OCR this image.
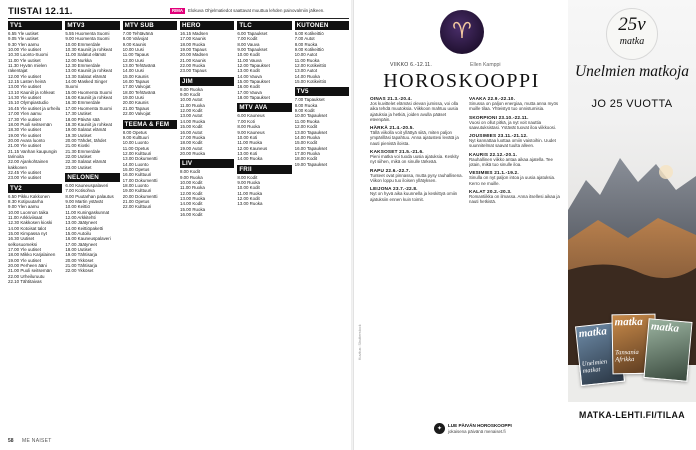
TIISTAI 12.11.	RIMA	Elokuva Ohjelmatiedot saattavat muuttua lehden painovalmiin jälkeen.
TV1
6.55 Yle uutiset
9.05 Yle uutiset
9.30 Ylen aamu
10.00 Yle uutiset
10.30 Luonto-Suomi
11.00 Yle uutiset
11.30 Hyvän mielen rakentajat
12.00 Yle uutiset
12.15 Lasten heinä
13.00 Yle uutiset
13.10 Kauniit ja rohkeat
14.30 Yle uutiset
15.10 Olympiastudio
16.45 Yle uutiset ja urheilu
17.00 Ylen aamu
17.30 Yle uutiset
18.00 Puoli seitsemän
18.30 Yle uutiset
19.00 Yle uutiset
20.00 Avara luonto
21.00 Yle uutiset
21.15 Vanhan kaupungin tarinoita
22.00 Ajankohtainen kakkonen
22.45 Yle uutiset
23.00 Yle uutiset
TV2
6.50 Pikku Kakkonen
8.30 Kotipuutarha
9.00 Ylen aamu
10.00 Luonnon taika
11.00 Arkkiviisaat
12.30 Kakkosen kioski
14.00 Kotoisat talot
15.00 Kimpassa nyt
16.30 Uutiset selkosuomeksi
17.00 Yle uutiset
18.00 Mikko Karjalainen
19.00 Yle uutiset
20.00 Perheen ääni
21.00 Puoli seitsemän
22.00 Urheiluruutu
22.10 Tähtitaivas
MTV3
5.55 Huomenta Suomi
9.00 Huomenta Suomi
10.00 Emmerdale
10.30 Kauniit ja rohkeat
11.00 Salatut elämät
12.00 Nurkka
12.30 Emmerdale
13.00 Kauniit ja rohkeat
13.30 Salatut elämät
14.00 Masked Singer Suomi
15.00 Huomenta Suomi
16.00 Kauniit ja rohkeat
16.30 Emmerdale
17.00 Huomenta Suomi
17.30 Uutiset
18.00 Päivän sää
18.30 Kauniit ja rohkeat
19.00 Salatut elämät
19.30 Uutiset
20.00 Tähdet, tähdet
21.00 Kioski
21.30 Emmerdale
22.00 Uutiset
22.30 Salatut elämät
23.00 Uutiset
NELONEN
6.00 Kauneuspalaveri
7.00 Kotisohva
8.00 Puutarhan palautus
9.00 Martin ystävät
10.00 Keittiö
11.00 Kuningaskunnat
12.00 Arkkitehti
13.00 Jäätyneet
14.00 Keittiöpaketti
15.00 Autoilu
16.00 Kauneuspalaveri
17.00 Jäätyneet
18.00 Uutiset
19.00 Tähtisarja
20.00 Ykköset
21.00 Tähtisarja
22.00 Ykköset
MTV SUB
7.00 Tehtävänä
8.00 Valvojat
9.00 Kaunis
10.00 Uusi
11.00 Tapaus
12.00 Uusi
13.00 Tehtävänä
14.00 Uusi
15.00 Kaunis
16.00 Tapaus
17.00 Valvojat
18.00 Tehtävänä
19.00 Uusi
20.00 Kaunis
21.00 Tapaus
22.00 Valvojat
TEEMA & FEM
8.00 Opetus
9.00 Kulttuuri
10.00 Luonto
11.00 Opetus
12.00 Kulttuuri
13.00 Dokumentti
14.00 Luonto
15.00 Opetus
16.00 Kulttuuri
17.00 Dokumentti
18.00 Luonto
19.00 Kulttuuri
20.00 Dokumentti
21.00 Opetus
22.00 Kulttuuri
HERO
16.15 Madsen
17.00 Kaunis
18.00 Ruoka
19.00 Tapaus
20.00 Madsen
21.00 Kaunis
22.00 Ruoka
23.00 Tapaus
JIM
8.00 Ruoka
9.00 Kodit
10.00 Autot
11.00 Ruoka
12.00 Kodit
13.00 Autot
14.00 Ruoka
15.00 Kodit
16.00 Autot
17.00 Ruoka
18.00 Kodit
19.00 Autot
20.00 Ruoka
LIV
8.00 Kodit
9.00 Ruoka
10.00 Kodit
11.00 Ruoka
12.00 Kodit
13.00 Ruoka
14.00 Kodit
15.00 Ruoka
16.00 Kodit
TLC
6.00 Tapaukset
7.00 Kodit
8.00 Vauva
9.00 Tapaukset
10.00 Kodit
11.00 Vauva
12.00 Tapaukset
13.00 Kodit
14.00 Vauva
15.00 Tapaukset
16.00 Kodit
17.00 Vauva
18.00 Tapaukset
MTV AVA
6.00 Kauneus
7.00 Koti
8.00 Ruoka
9.00 Kauneus
10.00 Koti
11.00 Ruoka
12.00 Kauneus
13.00 Koti
14.00 Ruoka
FRII
8.00 Kodit
9.00 Ruoka
10.00 Kodit
11.00 Ruoka
12.00 Kodit
13.00 Ruoka
KUTONEN
6.00 Kotikeittiö
7.00 Autot
8.00 Ruoka
9.00 Kotikeittiö
10.00 Autot
11.00 Ruoka
12.00 Kotikeittiö
13.00 Autot
14.00 Ruoka
15.00 Kotikeittiö
TV5
7.00 Tapaukset
8.00 Ruoka
9.00 Kodit
10.00 Tapaukset
11.00 Ruoka
12.00 Kodit
13.00 Tapaukset
14.00 Ruoka
15.00 Kodit
16.00 Tapaukset
17.00 Ruoka
18.00 Kodit
19.00 Tapaukset
58 ME NAISET
♈
VIIKKO 6.-12.11.	Ellen Kamppi
HOROSKOOPPI
Kuvitus: Shutterstock
OINAS 21.3.-20.4.
Jos kuvittelet elämäsi olevan jumissa, voi olla aika tehdä muutoksia. Viikkoon mahtuu uusia ajatuksia ja hetkiä, joiden avulla pääset eteenpäin.
HÄRKÄ 21.4.-20.5.
Tällä viikolla voit yllättyä siitä, miten paljon ympärilläsi tapahtuu. Anna ajatustesi levätä ja nauti pienistä iloista.
KAKSOSET 21.5.-21.6.
Pieni matka voi tuoda uusia ajatuksia. Keskity nyt siihen, mikä on sinulle tärkeää.
RAPU 22.6.-22.7.
Tunteet ovat pinnassa, mutta pysy rauhallisena. Viikon loppu tuo iloisen yllätyksen.
LEIJONA 23.7.-22.8.
Nyt on hyvä aika kuunnella ja keskittyä omiin ajatuksiin ennen kuin toimit.
VAAKA 22.9.-22.10.
Sinussa on paljon energiaa, mutta anna myös muille tilaa. Yhteistyö tuo onnistumisia.
SKORPIONI 23.10.-22.11.
Vuosi on ollut pitkä, ja nyt voit nauttia saavutuksistasi. Ystävät tuovat iloa viikkoosi.
JOUSIMIES 23.11.-21.12.
Nyt kannattaa luottaa omiin vaistoihin. Uudet suunnitelmat saavat tuulta alleen.
KAURIS 22.12.-20.1.
Rauhallinen viikko antaa aikaa ajatella. Tee jotain, mikä tuo sinulle iloa.
VESIMIES 21.1.-19.2.
Sinulla on nyt paljon intoa ja uusia ajatuksia. Kerro ne muille.
KALAT 20.2.-20.3.
Romantiikka on ilmassa. Anna itsellesi aikaa ja nauti hetkistä.
✦	LUE PÄIVÄN HOROSKOOPPI
jokaisena päivänä menaiset.fi
25v
matka
Unelmien matkoja
JO 25 VUOTTA
matka
Unelmien matkat
matka
Tansania Afrikka
matka
MATKA-LEHTI.FI/TILAA
